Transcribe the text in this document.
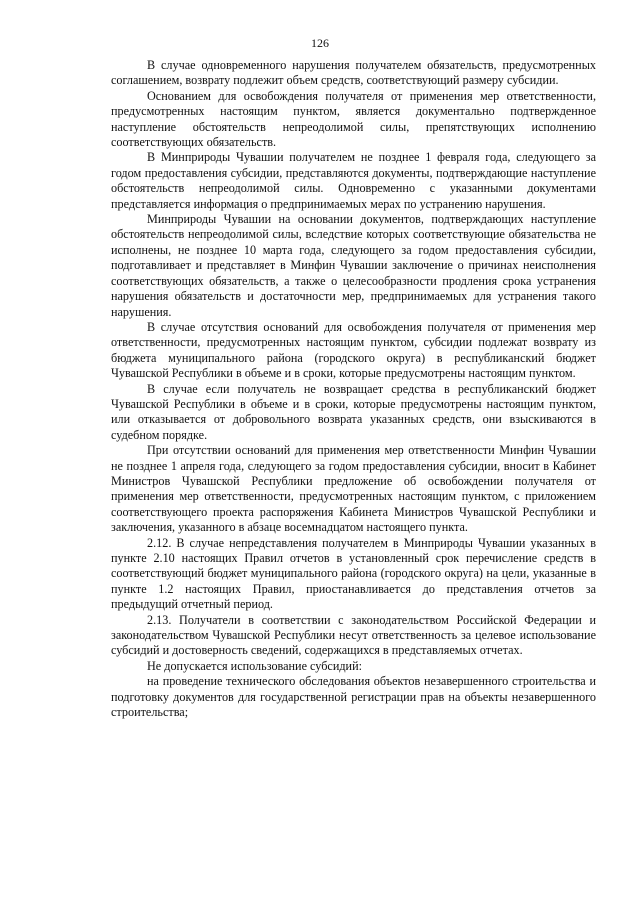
126

В случае одновременного нарушения получателем обязательств, предусмотренных соглашением, возврату подлежит объем средств, соответствующий размеру субсидии.

Основанием для освобождения получателя от применения мер ответственности, предусмотренных настоящим пунктом, является документально подтвержденное наступление обстоятельств непреодолимой силы, препятствующих исполнению соответствующих обязательств.

В Минприроды Чувашии получателем не позднее 1 февраля года, следующего за годом предоставления субсидии, представляются документы, подтверждающие наступление обстоятельств непреодолимой силы. Одновременно с указанными документами представляется информация о предпринимаемых мерах по устранению нарушения.

Минприроды Чувашии на основании документов, подтверждающих наступление обстоятельств непреодолимой силы, вследствие которых соответствующие обязательства не исполнены, не позднее 10 марта года, следующего за годом предоставления субсидии, подготавливает и представляет в Минфин Чувашии заключение о причинах неисполнения соответствующих обязательств, а также о целесообразности продления срока устранения нарушения обязательств и достаточности мер, предпринимаемых для устранения такого нарушения.

В случае отсутствия оснований для освобождения получателя от применения мер ответственности, предусмотренных настоящим пунктом, субсидии подлежат возврату из бюджета муниципального района (городского округа) в республиканский бюджет Чувашской Республики в объеме и в сроки, которые предусмотрены настоящим пунктом.

В случае если получатель не возвращает средства в республиканский бюджет Чувашской Республики в объеме и в сроки, которые предусмотрены настоящим пунктом, или отказывается от добровольного возврата указанных средств, они взыскиваются в судебном порядке.

При отсутствии оснований для применения мер ответственности Минфин Чувашии не позднее 1 апреля года, следующего за годом предоставления субсидии, вносит в Кабинет Министров Чувашской Республики предложение об освобождении получателя от применения мер ответственности, предусмотренных настоящим пунктом, с приложением соответствующего проекта распоряжения Кабинета Министров Чувашской Республики и заключения, указанного в абзаце восемнадцатом настоящего пункта.

2.12. В случае непредставления получателем в Минприроды Чувашии указанных в пункте 2.10 настоящих Правил отчетов в установленный срок перечисление средств в соответствующий бюджет муниципального района (городского округа) на цели, указанные в пункте 1.2 настоящих Правил, приостанавливается до представления отчетов за предыдущий отчетный период.

2.13. Получатели в соответствии с законодательством Российской Федерации и законодательством Чувашской Республики несут ответственность за целевое использование субсидий и достоверность сведений, содержащихся в представляемых отчетах.

Не допускается использование субсидий:

на проведение технического обследования объектов незавершенного строительства и подготовку документов для государственной регистрации прав на объекты незавершенного строительства;
